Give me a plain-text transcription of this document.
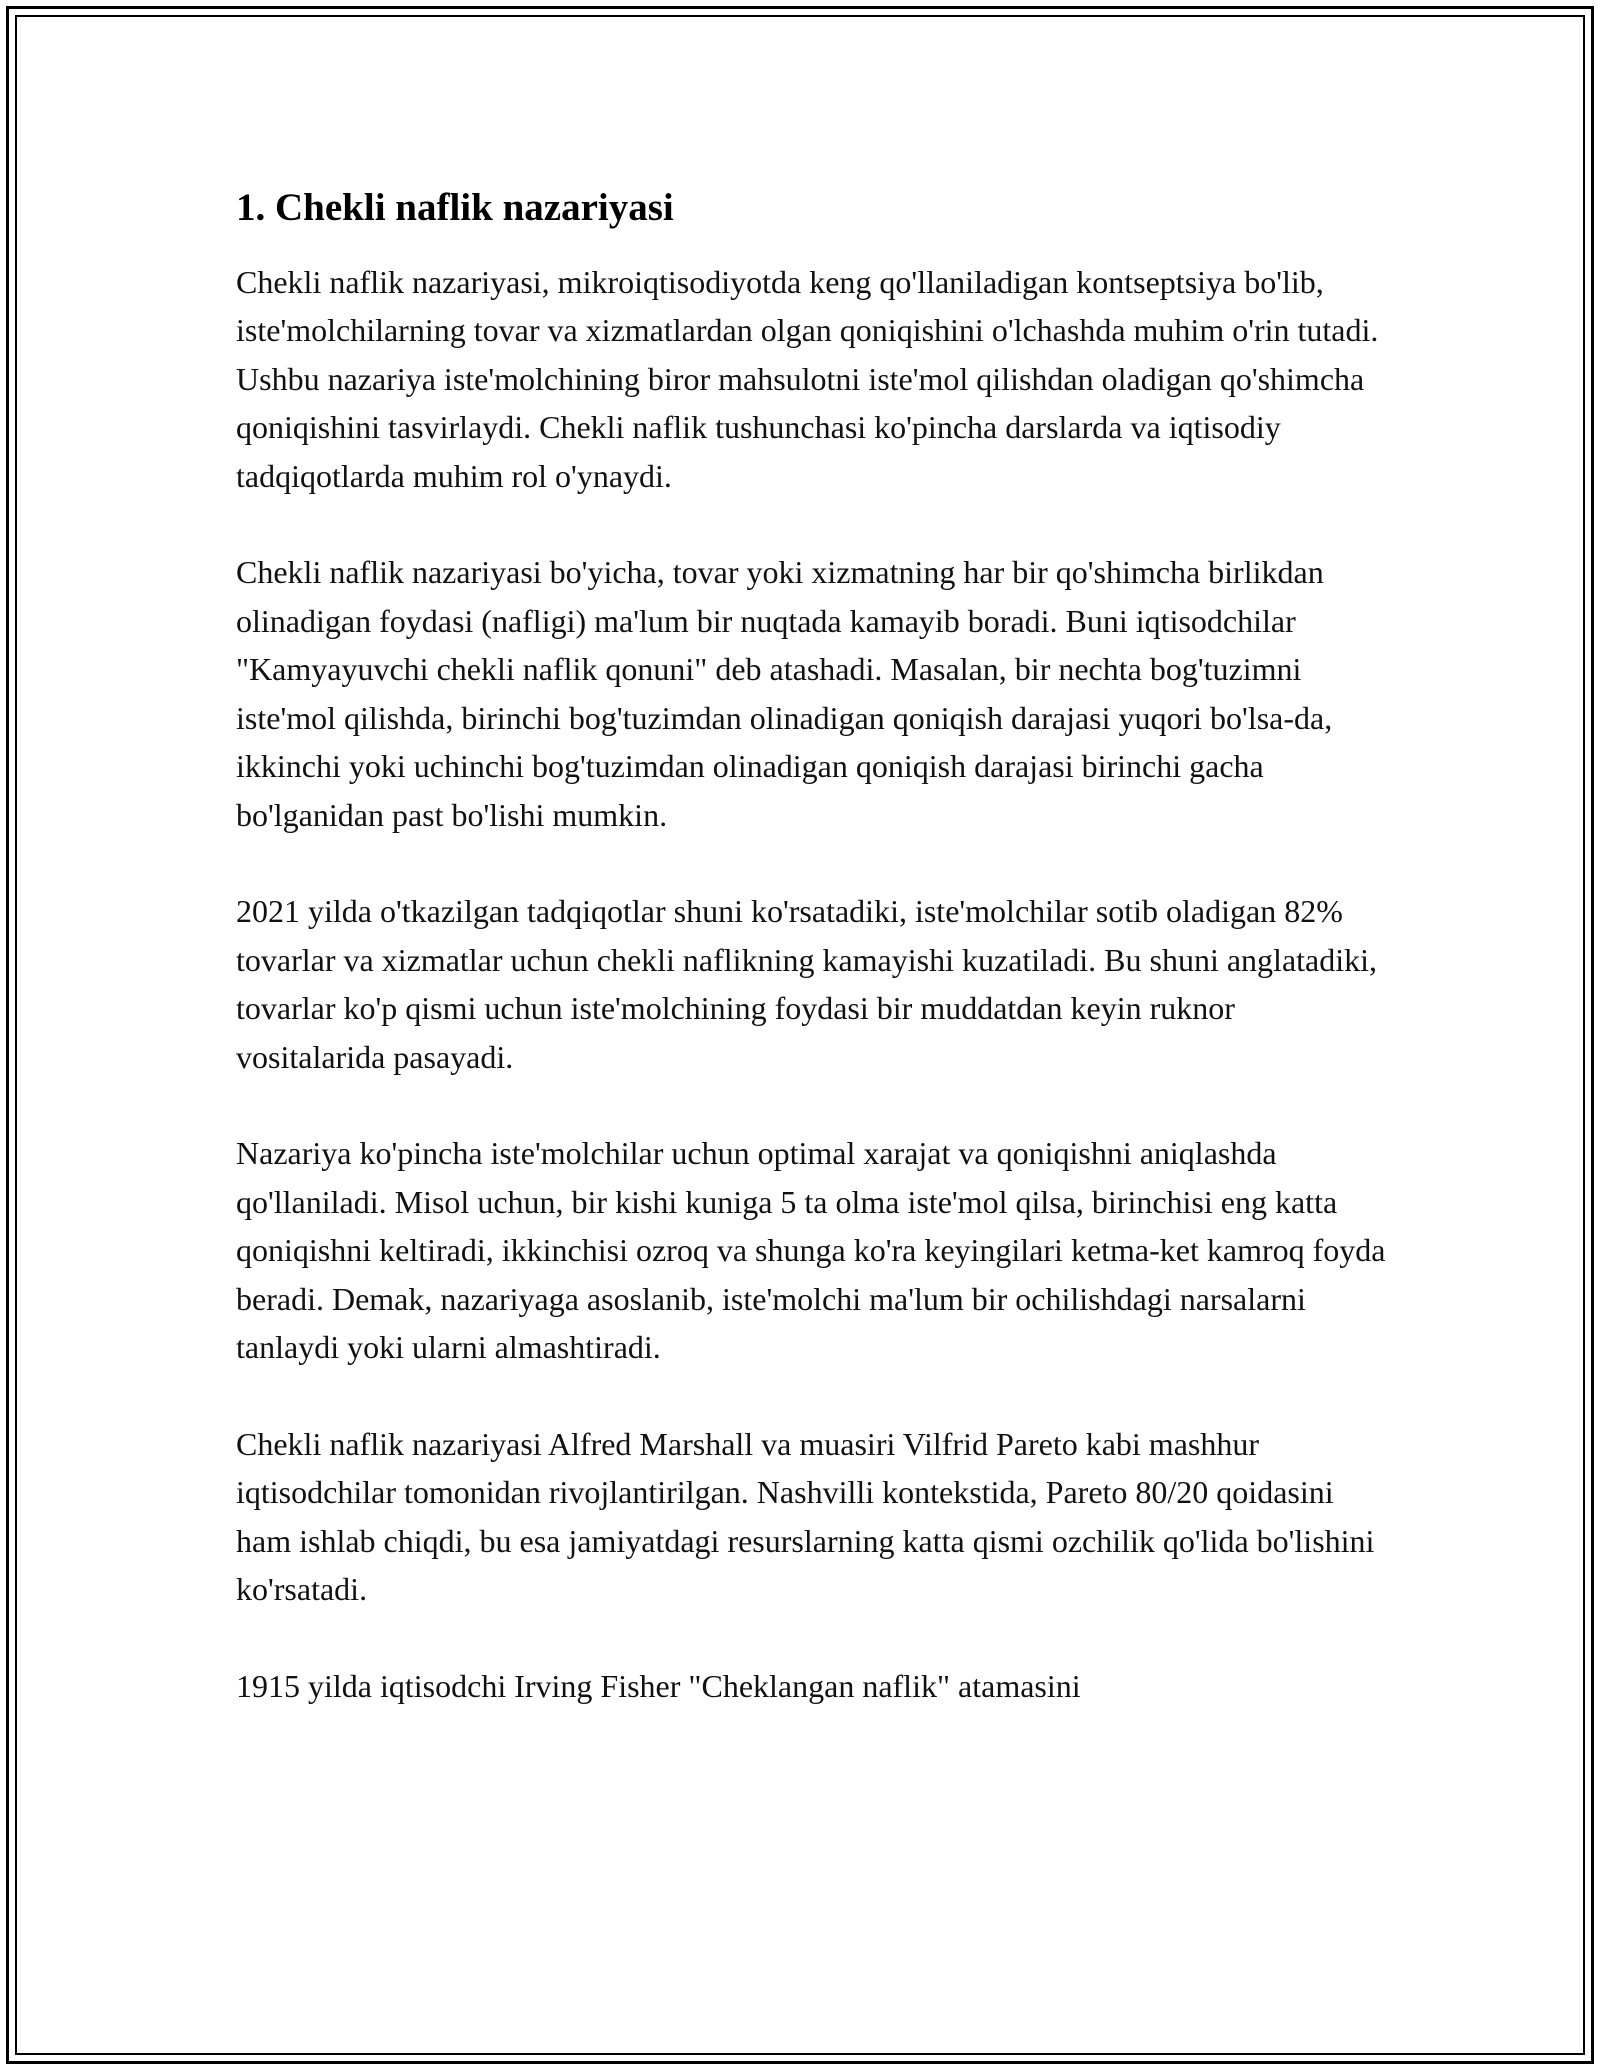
1. Chekli naflik nazariyasi

Chekli naflik nazariyasi, mikroiqtisodiyotda keng qo'llaniladigan kontseptsiya bo'lib, iste'molchilarning tovar va xizmatlardan olgan qoniqishini o'lchashda muhim o'rin tutadi. Ushbu nazariya iste'molchining biror mahsulotni iste'mol qilishdan oladigan qo'shimcha qoniqishini tasvirlaydi. Chekli naflik tushunchasi ko'pincha darslarda va iqtisodiy tadqiqotlarda muhim rol o'ynaydi.

Chekli naflik nazariyasi bo'yicha, tovar yoki xizmatning har bir qo'shimcha birlikdan olinadigan foydasi (nafligi) ma'lum bir nuqtada kamayib boradi. Buni iqtisodchilar "Kamyayuvchi chekli naflik qonuni" deb atashadi. Masalan, bir nechta bog'tuzimni iste'mol qilishda, birinchi bog'tuzimdan olinadigan qoniqish darajasi yuqori bo'lsa-da, ikkinchi yoki uchinchi bog'tuzimdan olinadigan qoniqish darajasi birinchi gacha bo'lganidan past bo'lishi mumkin.

2021 yilda o'tkazilgan tadqiqotlar shuni ko'rsatadiki, iste'molchilar sotib oladigan 82% tovarlar va xizmatlar uchun chekli naflikning kamayishi kuzatiladi. Bu shuni anglatadiki, tovarlar ko'p qismi uchun iste'molchining foydasi bir muddatdan keyin ruknor vositalarida pasayadi.

Nazariya ko'pincha iste'molchilar uchun optimal xarajat va qoniqishni aniqlashda qo'llaniladi. Misol uchun, bir kishi kuniga 5 ta olma iste'mol qilsa, birinchisi eng katta qoniqishni keltiradi, ikkinchisi ozroq va shunga ko'ra keyingilari ketma-ket kamroq foyda beradi. Demak, nazariyaga asoslanib, iste'molchi ma'lum bir ochilishdagi narsalarni tanlaydi yoki ularni almashtiradi.

Chekli naflik nazariyasi Alfred Marshall va muasiri Vilfrid Pareto kabi mashhur iqtisodchilar tomonidan rivojlantirilgan. Nashvilli kontekstida, Pareto 80/20 qoidasini ham ishlab chiqdi, bu esa jamiyatdagi resurslarning katta qismi ozchilik qo'lida bo'lishini ko'rsatadi.

1915 yilda iqtisodchi Irving Fisher "Cheklangan naflik" atamasini
